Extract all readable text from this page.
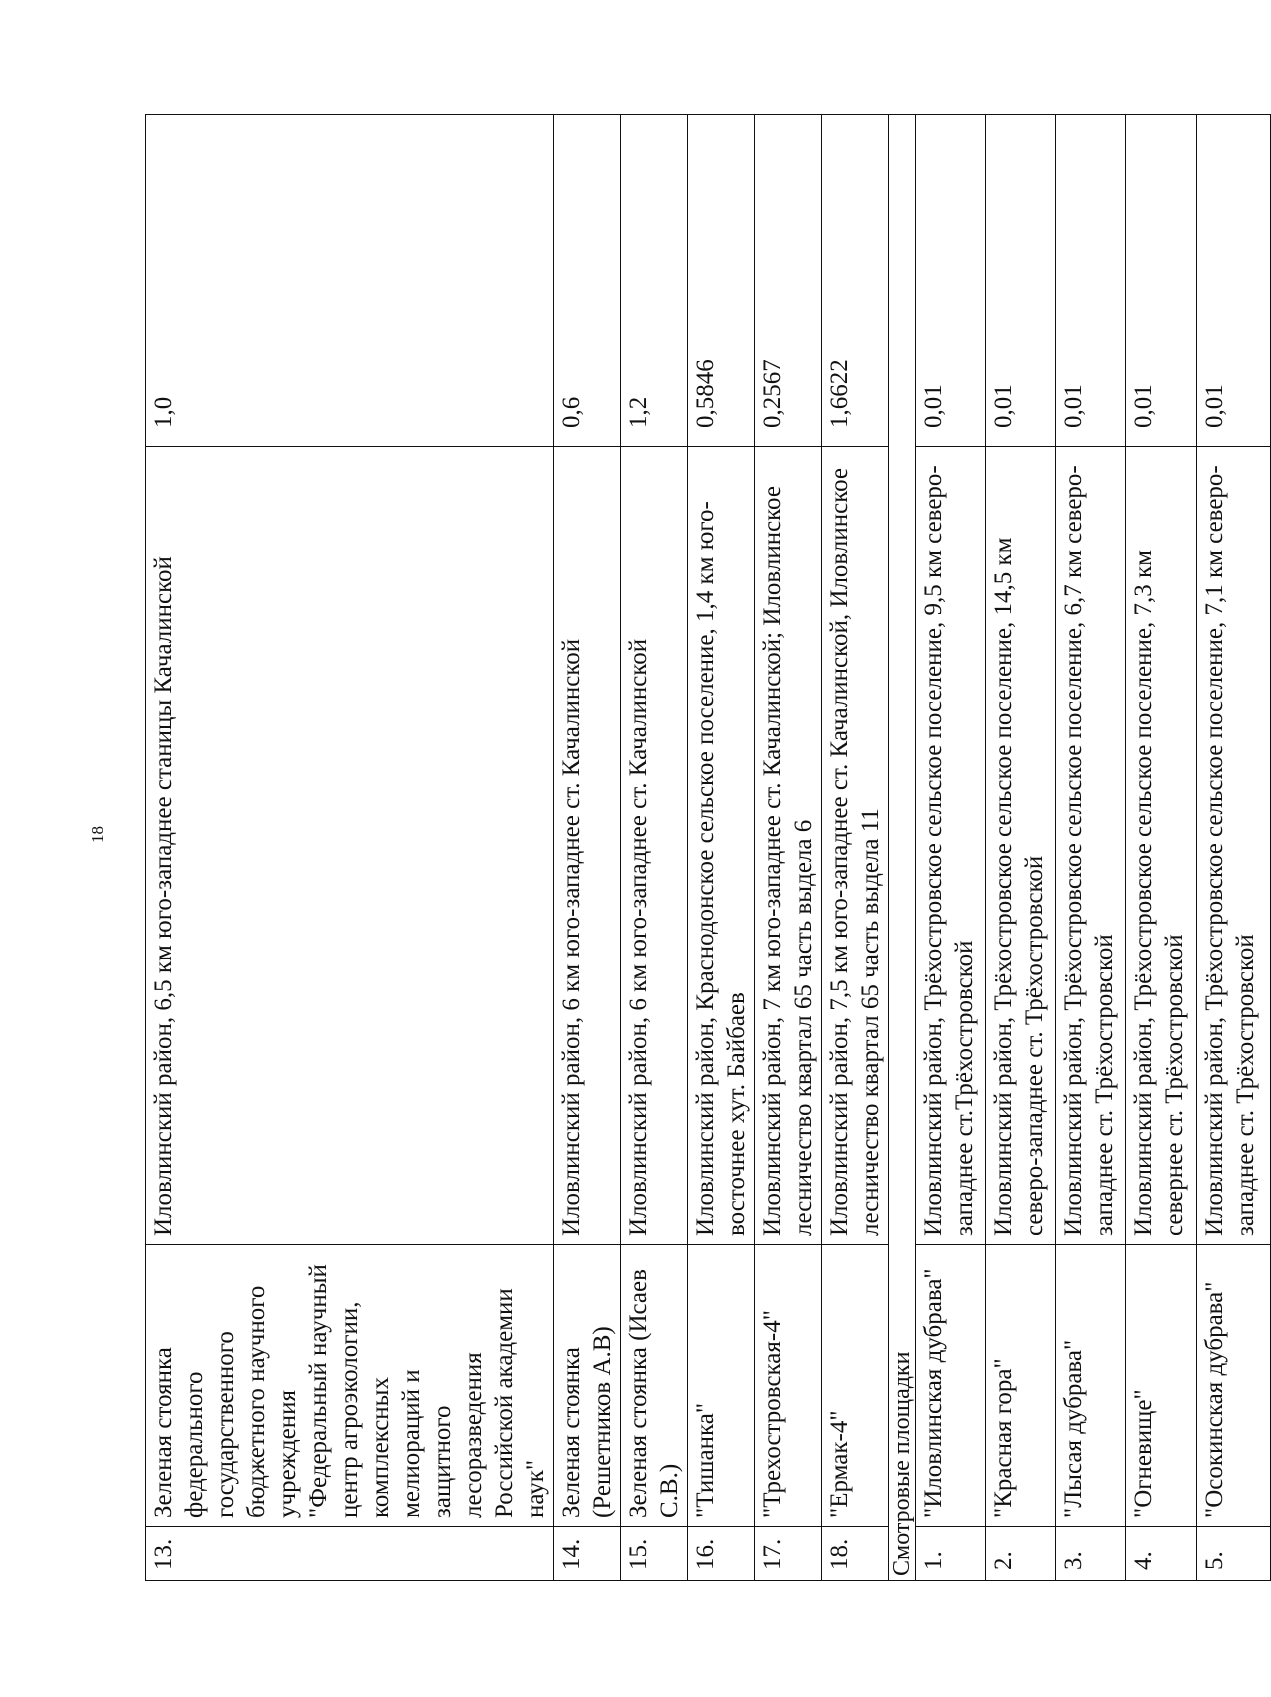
18
13.	Зеленая стоянка федерального государственного бюджетного научного учреждения "Федеральный научный центр агроэкологии, комплексных мелиораций и защитного лесоразведения Российской академии наук"	Иловлинский район, 6,5 км юго-западнее станицы Качалинской	1,0
14.	Зеленая стоянка (Решетников А.В)	Иловлинский район, 6 км юго-западнее ст. Качалинской	0,6
15.	Зеленая стоянка (Исаев С.В.)	Иловлинский район, 6 км юго-западнее ст. Качалинской	1,2
16.	"Тишанка"	Иловлинский район, Краснодонское сельское поселение, 1,4 км юго-восточнее хут. Байбаев	0,5846
17.	"Трехостровская-4"	Иловлинский район, 7 км юго-западнее ст. Качалинской; Иловлинское лесничество квартал 65 часть выдела 6	0,2567
18.	"Ермак-4"	Иловлинский район, 7,5 км юго-западнее ст. Качалинской, Иловлинское лесничество квартал 65 часть выдела 11	1,6622
Смотровые площадки			
1.	"Иловлинская дубрава"	Иловлинский район, Трёхостровское сельское поселение, 9,5 км северо-западнее ст.Трёхостровской	0,01
2.	"Красная гора"	Иловлинский район, Трёхостровское сельское поселение, 14,5 км северо-западнее ст. Трёхостровской	0,01
3.	"Лысая дубрава"	Иловлинский район, Трёхостровское сельское поселение, 6,7 км северо-западнее ст. Трёхостровской	0,01
4.	"Огневище"	Иловлинский район, Трёхостровское сельское поселение, 7,3 км севернее ст. Трёхостровской	0,01
5.	"Осокинская дубрава"	Иловлинский район, Трёхостровское сельское поселение, 7,1 км северо-западнее ст. Трёхостровской	0,01
